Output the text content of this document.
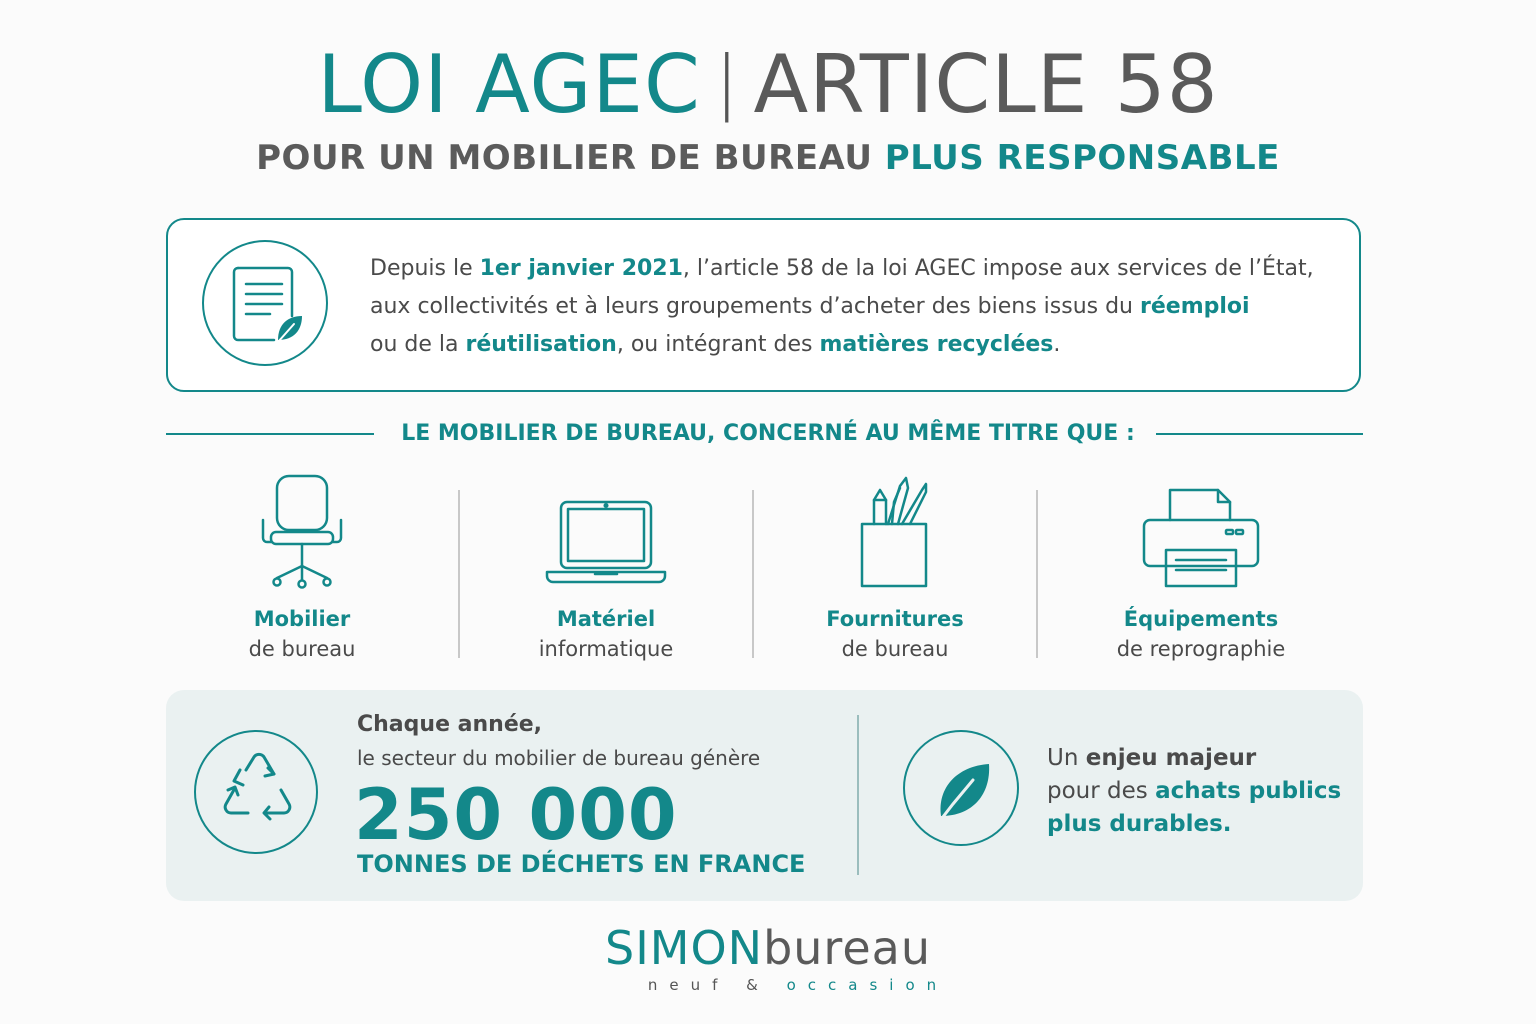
LOI AGEC | ARTICLE 58
POUR UN MOBILIER DE BUREAU PLUS RESPONSABLE
Depuis le 1er janvier 2021, l’article 58 de la loi AGEC impose aux services de l’État,
aux collectivités et à leurs groupements d’acheter des biens issus du réemploi
ou de la réutilisation, ou intégrant des matières recyclées.
LE MOBILIER DE BUREAU, CONCERNÉ AU MÊME TITRE QUE :
Mobilier
de bureau
Matériel
informatique
Fournitures
de bureau
Équipements
de reprographie
Chaque année,
le secteur du mobilier de bureau génère
250 000
TONNES DE DÉCHETS EN FRANCE
Un enjeu majeur
pour des achats publics
plus durables.
SIMONbureau
neuf & occasion
